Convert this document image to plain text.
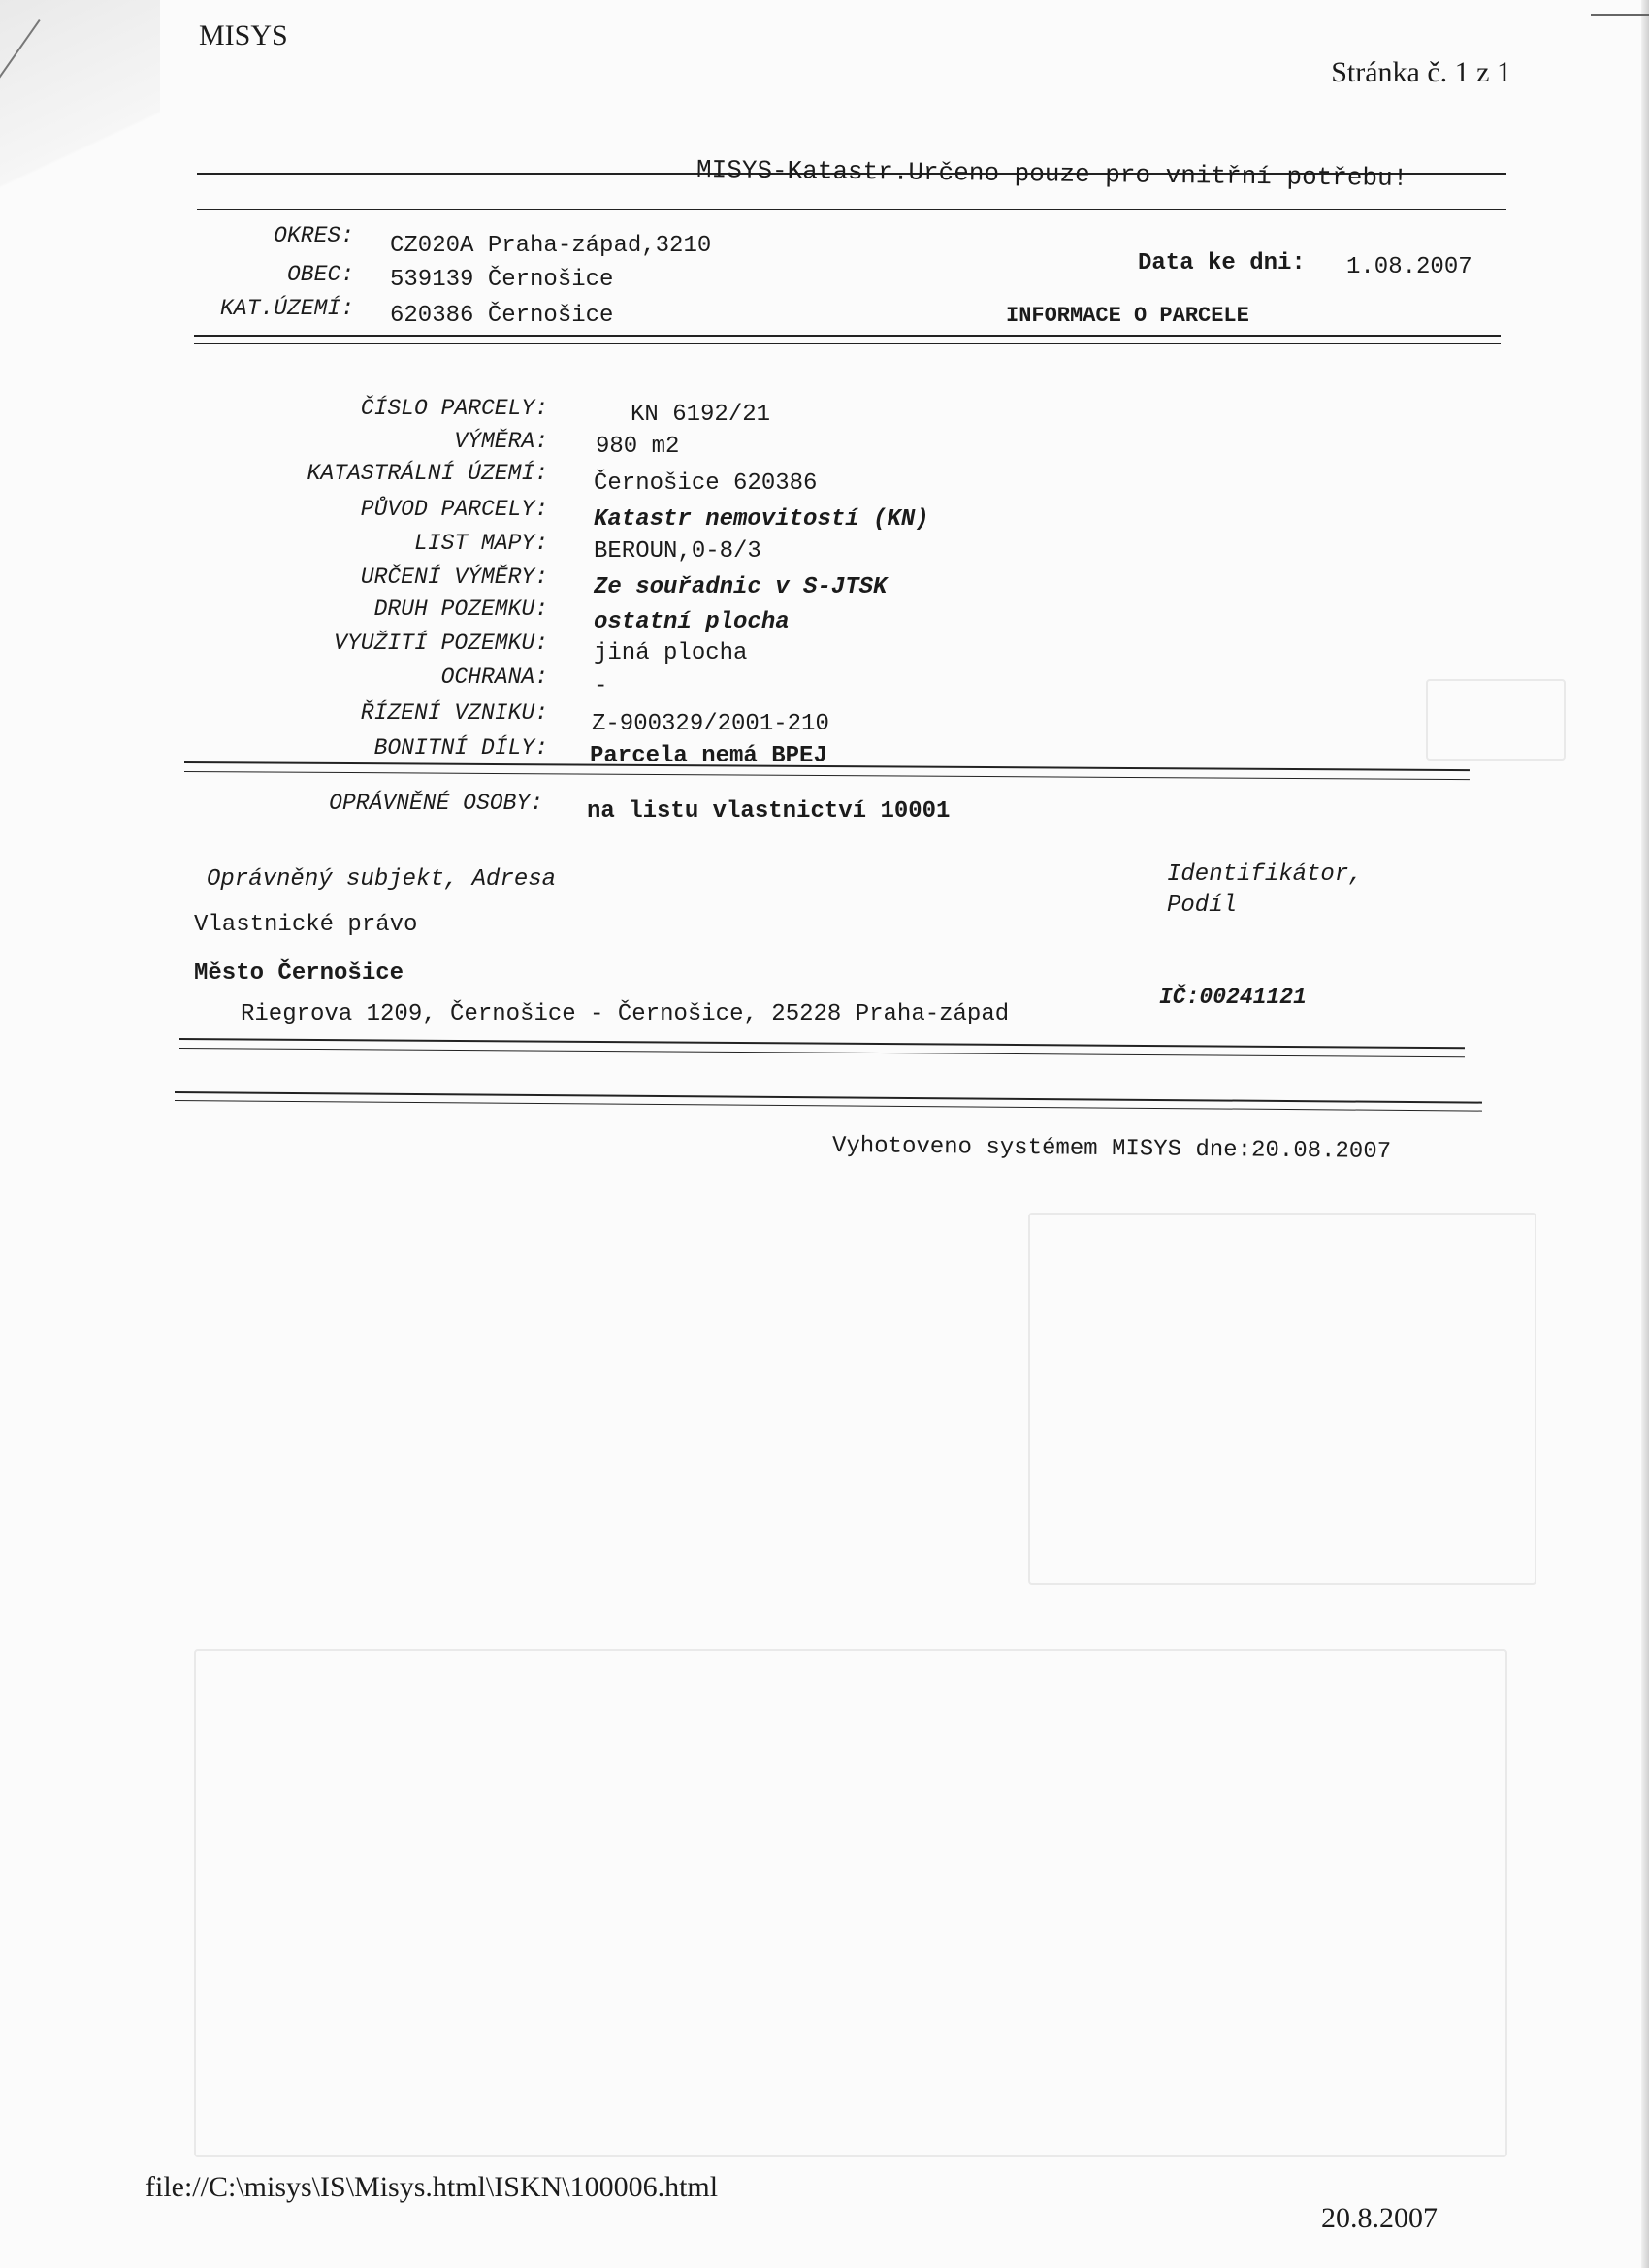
MISYS
Stránka č. 1 z 1
MISYS-Katastr.Určeno pouze pro vnitřní potřebu!
OKRES: CZ020A Praha-západ,3210
OBEC: 539139 Černošice
KAT.ÚZEMÍ: 620386 Černošice
Data ke dni: 1.08.2007
INFORMACE O PARCELE
ČÍSLO PARCELY:	KN 6192/21
VÝMĚRA: 980 m2
KATASTRÁLNÍ ÚZEMÍ: Černošice 620386
PŮVOD PARCELY: Katastr nemovitostí (KN)
LIST MAPY: BEROUN,0-8/3
URČENÍ VÝMĚRY: Ze souřadnic v S-JTSK
DRUH POZEMKU: ostatní plocha
VYUŽITÍ POZEMKU: jiná plocha
OCHRANA: -
ŘÍZENÍ VZNIKU: Z-900329/2001-210
BONITNÍ DÍLY: Parcela nemá BPEJ
OPRÁVNĚNÉ OSOBY: na listu vlastnictví 10001
Oprávněný subjekt, Adresa	Identifikátor,
Podíl
Vlastnické právo
Město Černošice
Riegrova 1209, Černošice - Černošice, 25228 Praha-západ
IČ:00241121
Vyhotoveno systémem MISYS dne:20.08.2007
file://C:\misys\IS\Misys.html\ISKN\100006.html
20.8.2007
